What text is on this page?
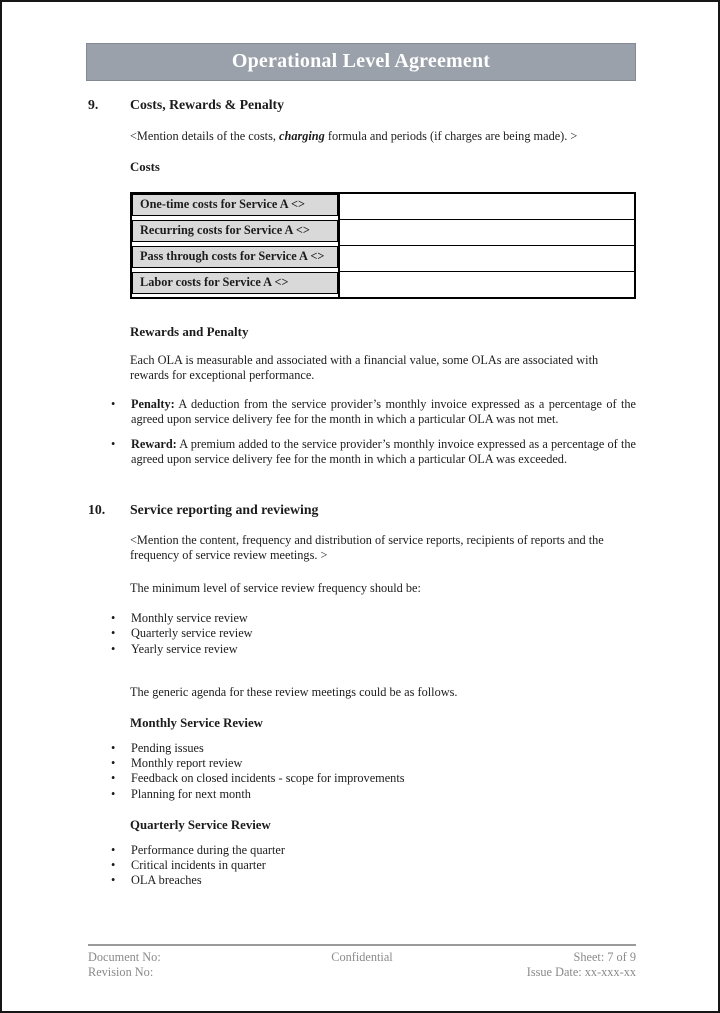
Operational Level Agreement
9.	Costs, Rewards & Penalty
<Mention details of the costs, charging formula and periods (if charges are being made). >
Costs
One-time costs for Service A <>
Recurring costs for Service A <>
Pass through costs for Service A <>
Labor costs for Service A <>
Rewards and Penalty
Each OLA is measurable and associated with a financial value, some OLAs are associated with rewards for exceptional performance.
•
Penalty: A deduction from the service provider’s monthly invoice expressed as a percentage of the agreed upon service delivery fee for the month in which a particular OLA was not met.
•
Reward: A premium added to the service provider’s monthly invoice expressed as a percentage of the agreed upon service delivery fee for the month in which a particular OLA was exceeded.
10.	Service reporting and reviewing
<Mention the content, frequency and distribution of service reports, recipients of reports and the frequency of service review meetings. >
The minimum level of service review frequency should be:
•
Monthly service review
•
Quarterly service review
•
Yearly service review
The generic agenda for these review meetings could be as follows.
Monthly Service Review
•
Pending issues
•
Monthly report review
•
Feedback on closed incidents - scope for improvements
•
Planning for next month
Quarterly Service Review
•
Performance during the quarter
•
Critical incidents in quarter
•
OLA breaches
Document No:	Confidential	Sheet: 7 of 9
Revision No:	Issue Date: xx-xxx-xx
